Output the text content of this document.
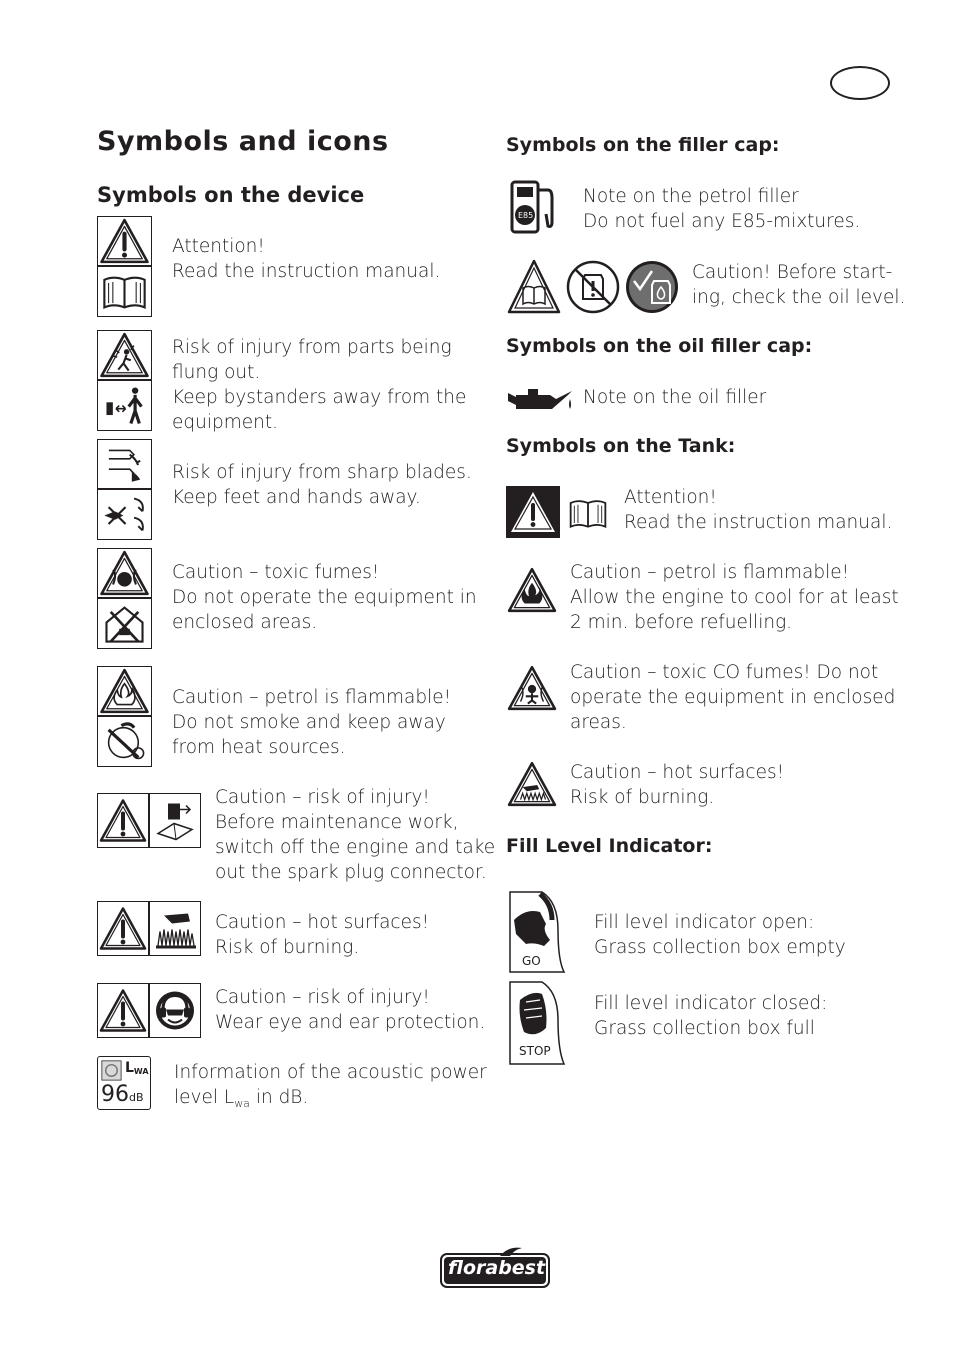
Symbols and icons
Symbols on the device
Attention!
Read the instruction manual.
Risk of injury from parts being
flung out.
Keep bystanders away from the
equipment.
Risk of injury from sharp blades.
Keep feet and hands away.
Caution – toxic fumes!
Do not operate the equipment in
enclosed areas.
Caution – petrol is flammable!
Do not smoke and keep away
from heat sources.
Caution – risk of injury!
Before maintenance work,
switch off the engine and take
out the spark plug connector.
Caution – hot surfaces!
Risk of burning.
Caution – risk of injury!
Wear eye and ear protection.
$L_{WA}$
96dB
Information of the acoustic power
level $L_{wa}$ in dB.
Symbols on the filler cap:
E85
Note on the petrol filler
Do not fuel any E85-mixtures.
Caution! Before start-
ing, check the oil level.
Symbols on the oil filler cap:
Note on the oil filler
Symbols on the Tank:
Attention!
Read the instruction manual.
Caution – petrol is flammable!
Allow the engine to cool for at least
2 min. before refuelling.
Caution – toxic CO fumes! Do not
operate the equipment in enclosed
areas.
Caution – hot surfaces!
Risk of burning.
Fill Level Indicator:
GO
Fill level indicator open:
Grass collection box empty
STOP
Fill level indicator closed:
Grass collection box full
florabest
